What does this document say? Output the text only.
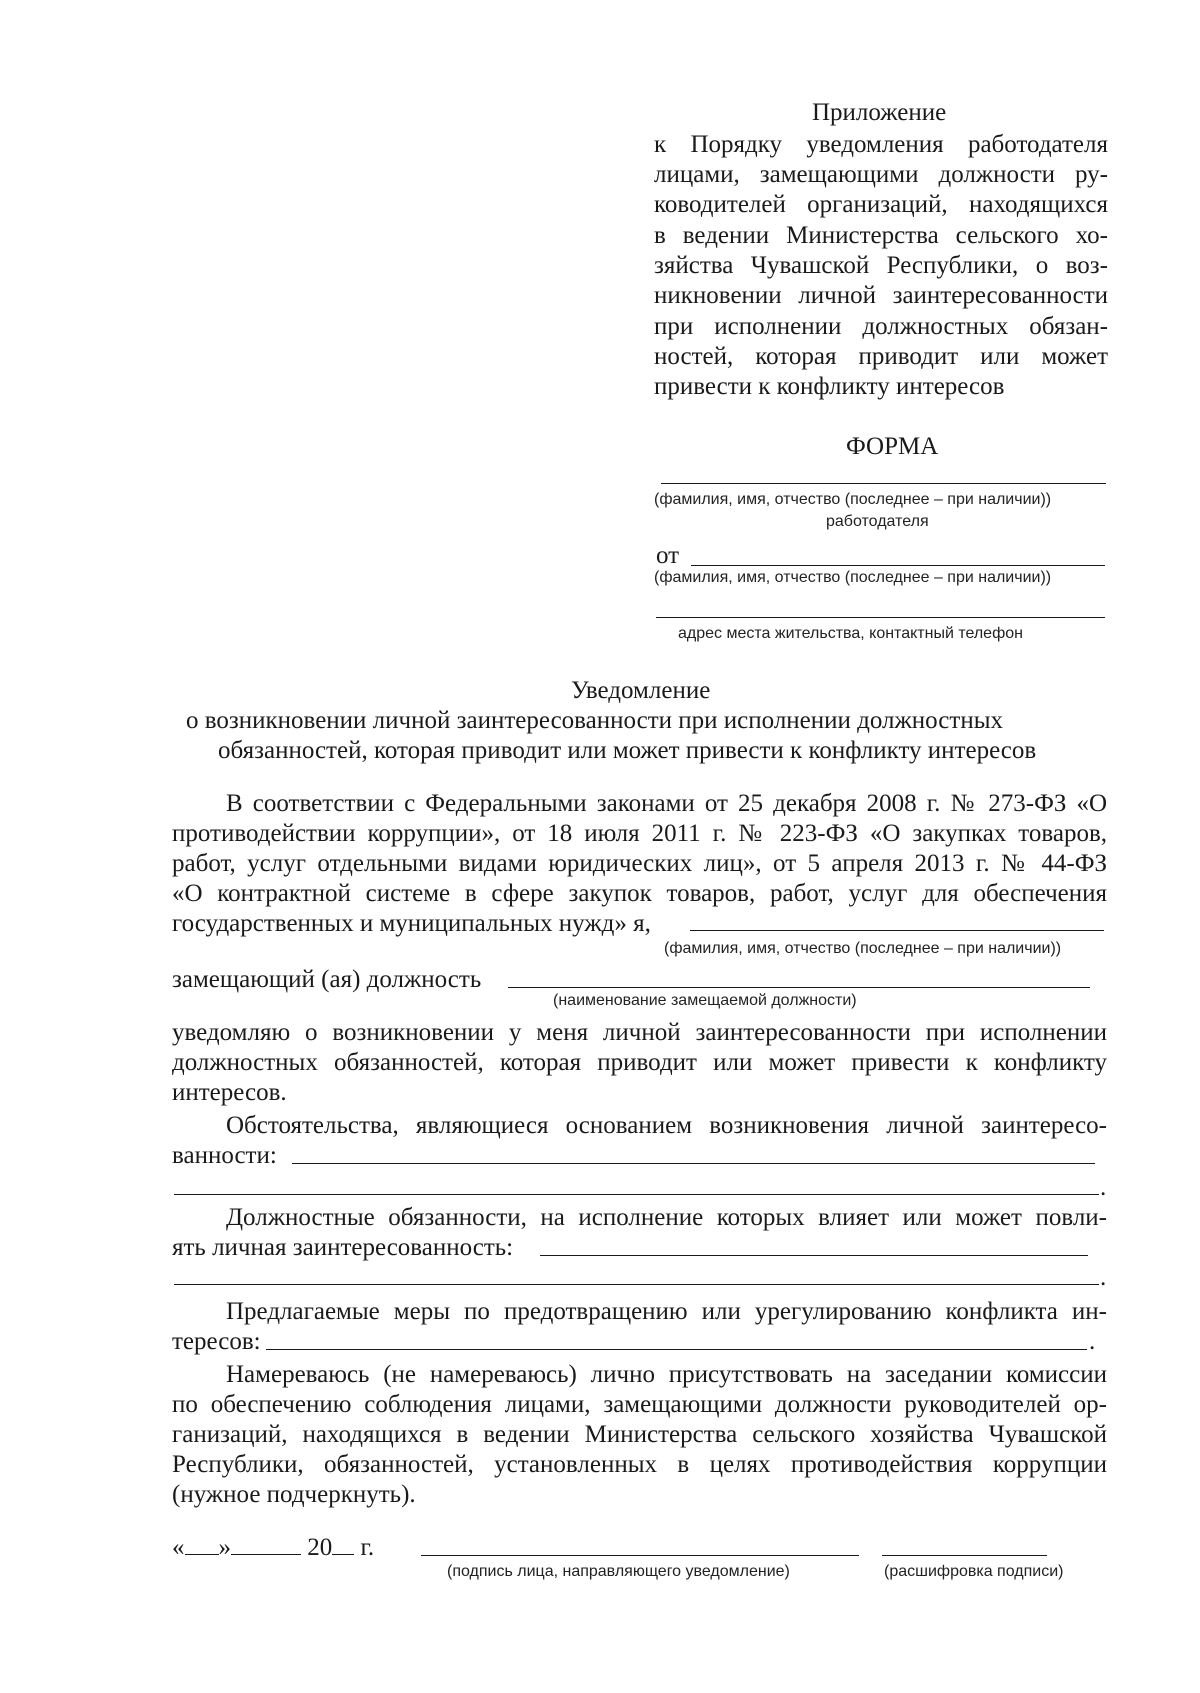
Приложение
к Порядку уведомления работодателя
лицами, замещающими должности ру-
ководителей организаций, находящихся
в ведении Министерства сельского хо-
зяйства Чувашской Республики, о воз-
никновении личной заинтересованности
при исполнении должностных обязан-
ностей, которая приводит или может
привести к конфликту интересов
ФОРМА
(фамилия, имя, отчество (последнее – при наличии))
работодателя
от
(фамилия, имя, отчество (последнее – при наличии))
адрес места жительства, контактный телефон
Уведомление
о возникновении личной заинтересованности при исполнении должностных
обязанностей, которая приводит или может привести к конфликту интересов
В соответствии с Федеральными законами от 25 декабря 2008 г. № 273-ФЗ «О
противодействии коррупции», от 18 июля 2011 г. № 223-ФЗ «О закупках товаров,
работ, услуг отдельными видами юридических лиц», от 5 апреля 2013 г. № 44-ФЗ
«О контрактной системе в сфере закупок товаров, работ, услуг для обеспечения
государственных и муниципальных нужд» я,
(фамилия, имя, отчество (последнее – при наличии))
замещающий (ая) должность
(наименование замещаемой должности)
уведомляю о возникновении у меня личной заинтересованности при исполнении
должностных обязанностей, которая приводит или может привести к конфликту
интересов.
Обстоятельства, являющиеся основанием возникновения личной заинтересо-
ванности:
.
Должностные обязанности, на исполнение которых влияет или может повли-
ять личная заинтересованность:
.
Предлагаемые меры по предотвращению или урегулированию конфликта ин-
тересов:	.
Намереваюсь (не намереваюсь) лично присутствовать на заседании комиссии
по обеспечению соблюдения лицами, замещающими должности руководителей ор-
ганизаций, находящихся в ведении Министерства сельского хозяйства Чувашской
Республики, обязанностей, установленных в целях противодействия коррупции
(нужное подчеркнуть).
« »	20 г.
(подпись лица, направляющего уведомление)	(расшифровка подписи)
